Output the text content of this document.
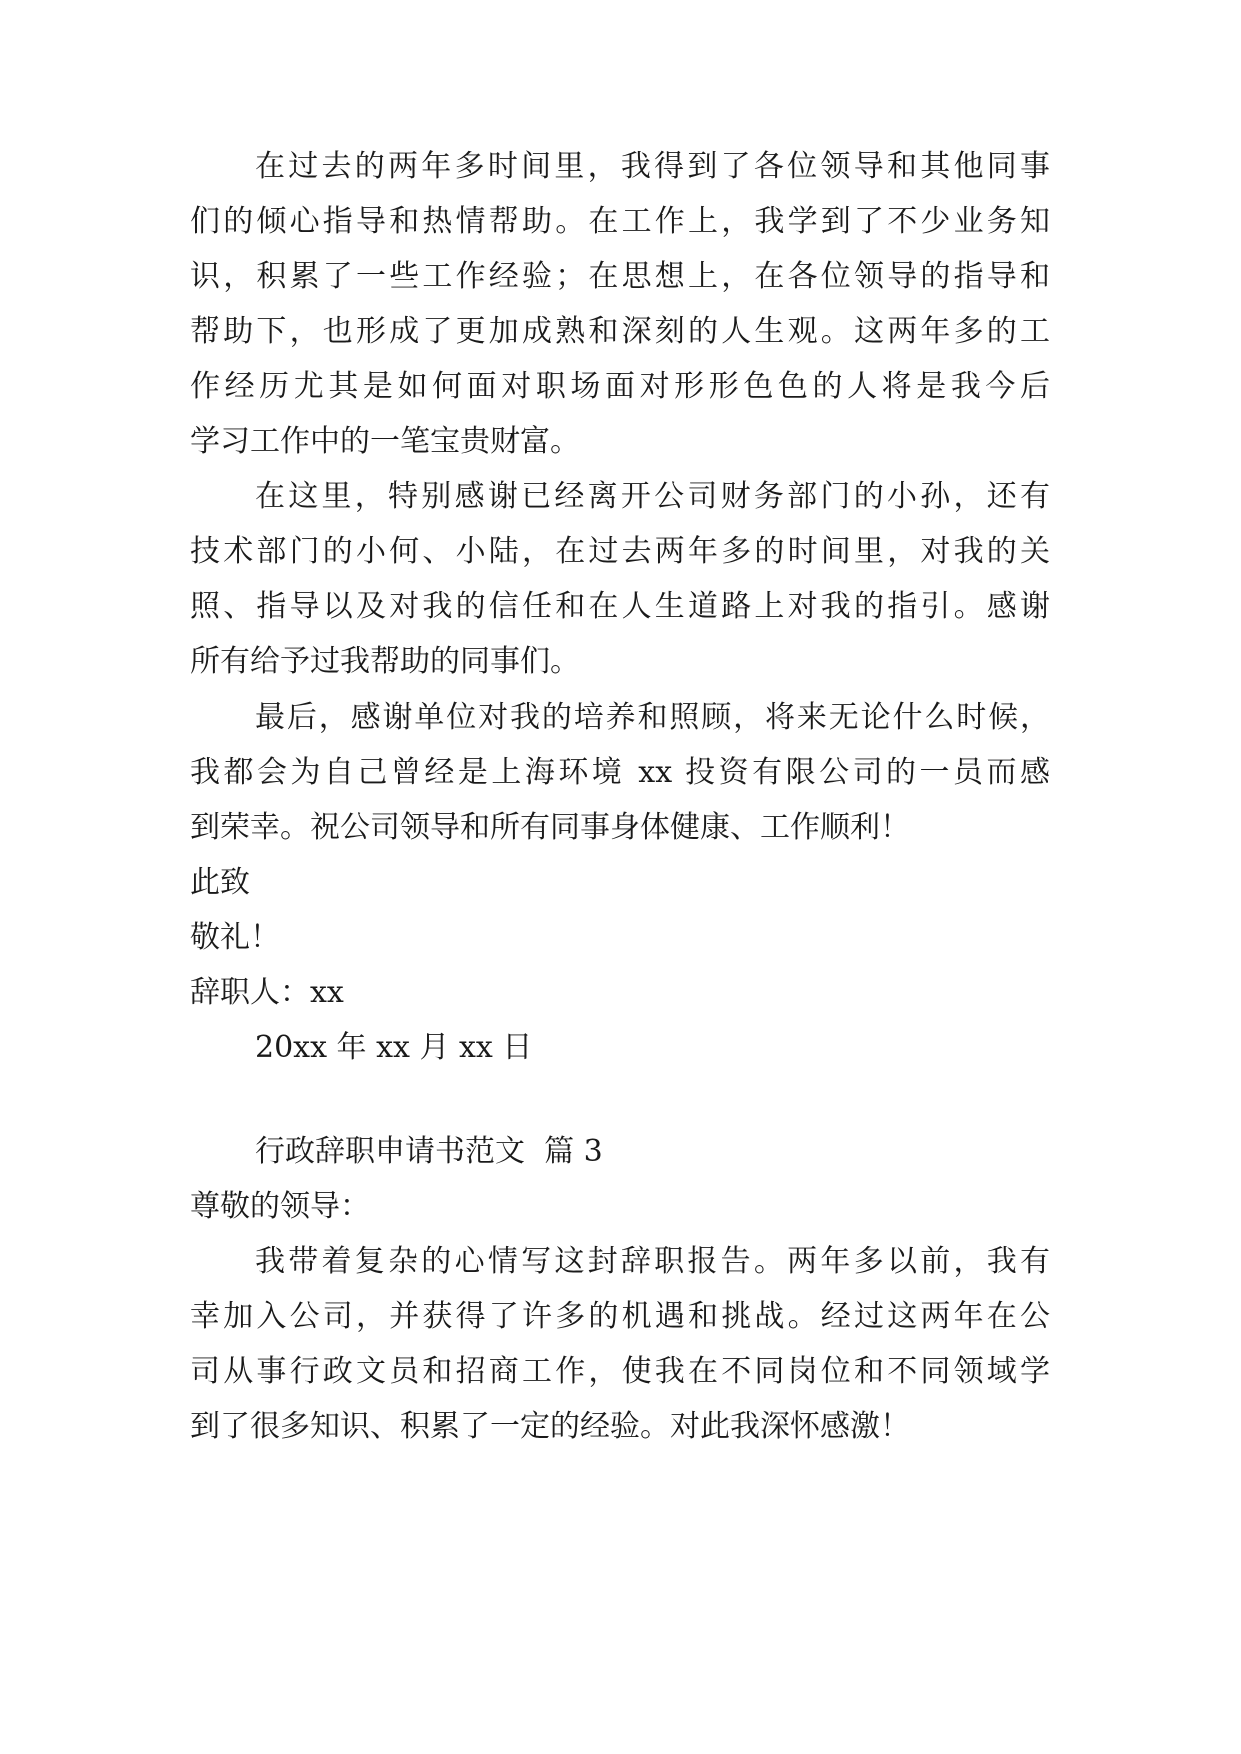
在过去的两年多时间里，我得到了各位领导和其他同事
们的倾心指导和热情帮助。在工作上，我学到了不少业务知
识，积累了一些工作经验；在思想上，在各位领导的指导和
帮助下，也形成了更加成熟和深刻的人生观。这两年多的工
作经历尤其是如何面对职场面对形形色色的人将是我今后
学习工作中的一笔宝贵财富。
在这里，特别感谢已经离开公司财务部门的小孙，还有
技术部门的小何、小陆，在过去两年多的时间里，对我的关
照、指导以及对我的信任和在人生道路上对我的指引。感谢
所有给予过我帮助的同事们。
最后，感谢单位对我的培养和照顾，将来无论什么时候，
我都会为自己曾经是上海环境 xx 投资有限公司的一员而感
到荣幸。祝公司领导和所有同事身体健康、工作顺利！
此致
敬礼！
辞职人：xx
20xx 年 xx 月 xx 日
行政辞职申请书范文  篇 3
尊敬的领导：
我带着复杂的心情写这封辞职报告。两年多以前，我有
幸加入公司，并获得了许多的机遇和挑战。经过这两年在公
司从事行政文员和招商工作，使我在不同岗位和不同领域学
到了很多知识、积累了一定的经验。对此我深怀感激！
